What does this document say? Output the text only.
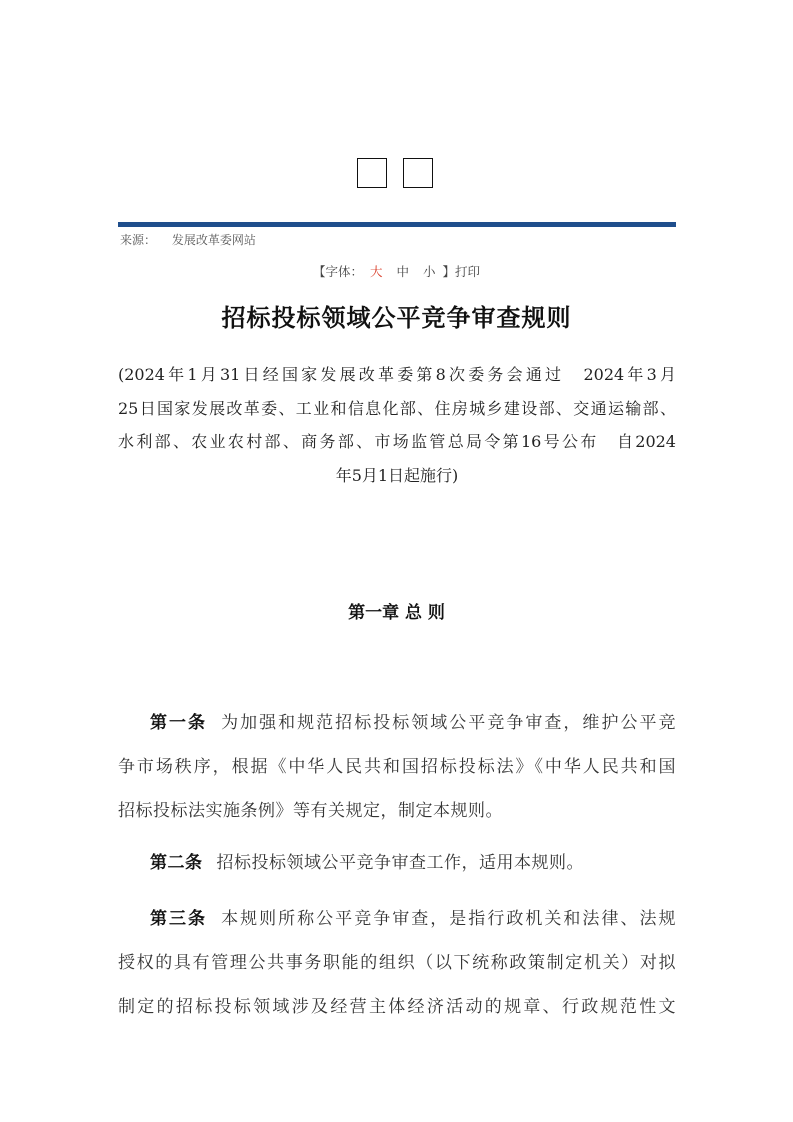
来源： 发展改革委网站
【字体： 大 中 小 】打印
招标投标领域公平竞争审查规则
(2024年1月31日经国家发展改革委第8次委务会通过　2024年3月
25日国家发展改革委、工业和信息化部、住房城乡建设部、交通运输部、
水利部、农业农村部、商务部、市场监管总局令第16号公布　自2024
年5月1日起施行)
第一章 总 则
第一条 为加强和规范招标投标领域公平竞争审查，维护公平竞
争市场秩序，根据《中华人民共和国招标投标法》《中华人民共和国
招标投标法实施条例》等有关规定，制定本规则。
第二条 招标投标领域公平竞争审查工作，适用本规则。
第三条 本规则所称公平竞争审查，是指行政机关和法律、法规
授权的具有管理公共事务职能的组织（以下统称政策制定机关）对拟
制定的招标投标领域涉及经营主体经济活动的规章、行政规范性文
